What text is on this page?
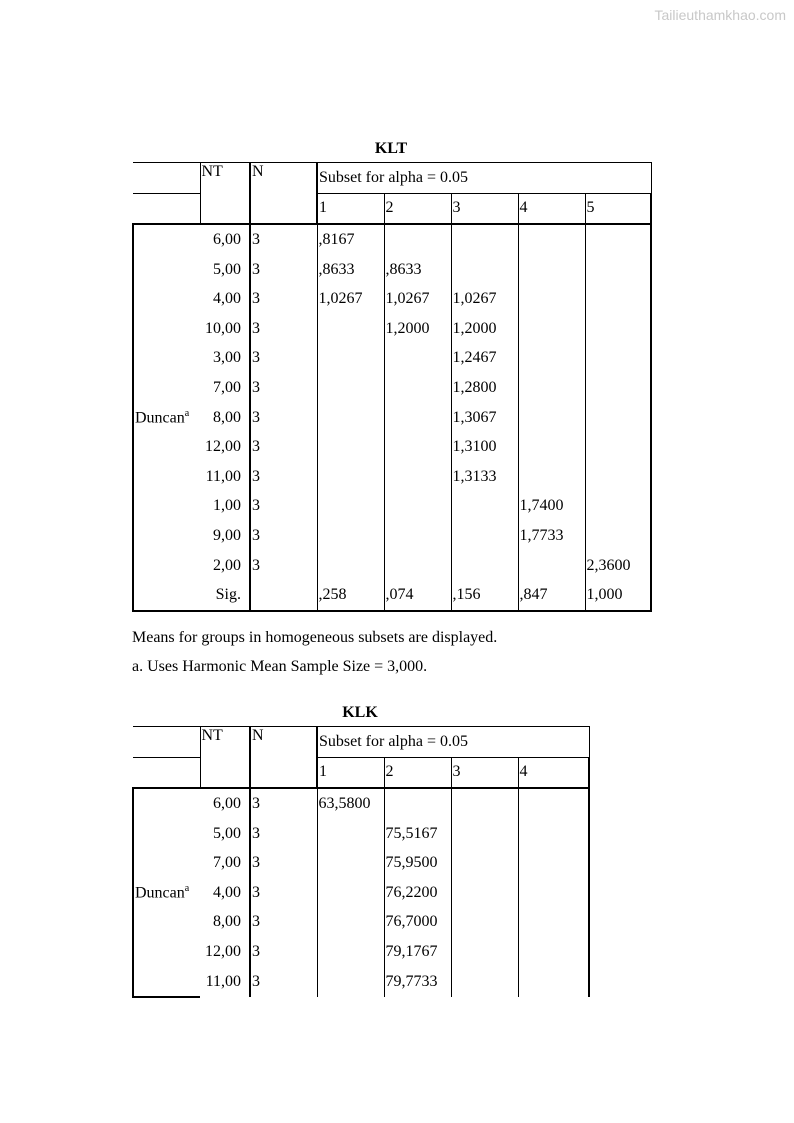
Tailieuthamkhao.com
KLT
	NT	N	Subset for alpha = 0.05				
			1	2	3	4	5
	6,00	3	,8167				
	5,00	3	,8633	,8633			
	4,00	3	1,0267	1,0267	1,0267		
	10,00	3		1,2000	1,2000		
	3,00	3			1,2467		
	7,00	3			1,2800		
Duncan$^a$	8,00	3			1,3067		
	12,00	3			1,3100		
	11,00	3			1,3133		
	1,00	3				1,7400	
	9,00	3				1,7733	
	2,00	3					2,3600
	Sig.		,258	,074	,156	,847	1,000
Means for groups in homogeneous subsets are displayed.
a. Uses Harmonic Mean Sample Size = 3,000.
KLK
	NT	N	Subset for alpha = 0.05			
			1	2	3	4
	6,00	3	63,5800			
	5,00	3		75,5167		
	7,00	3		75,9500		
Duncan$^a$	4,00	3		76,2200		
	8,00	3		76,7000		
	12,00	3		79,1767		
	11,00	3		79,7733		
